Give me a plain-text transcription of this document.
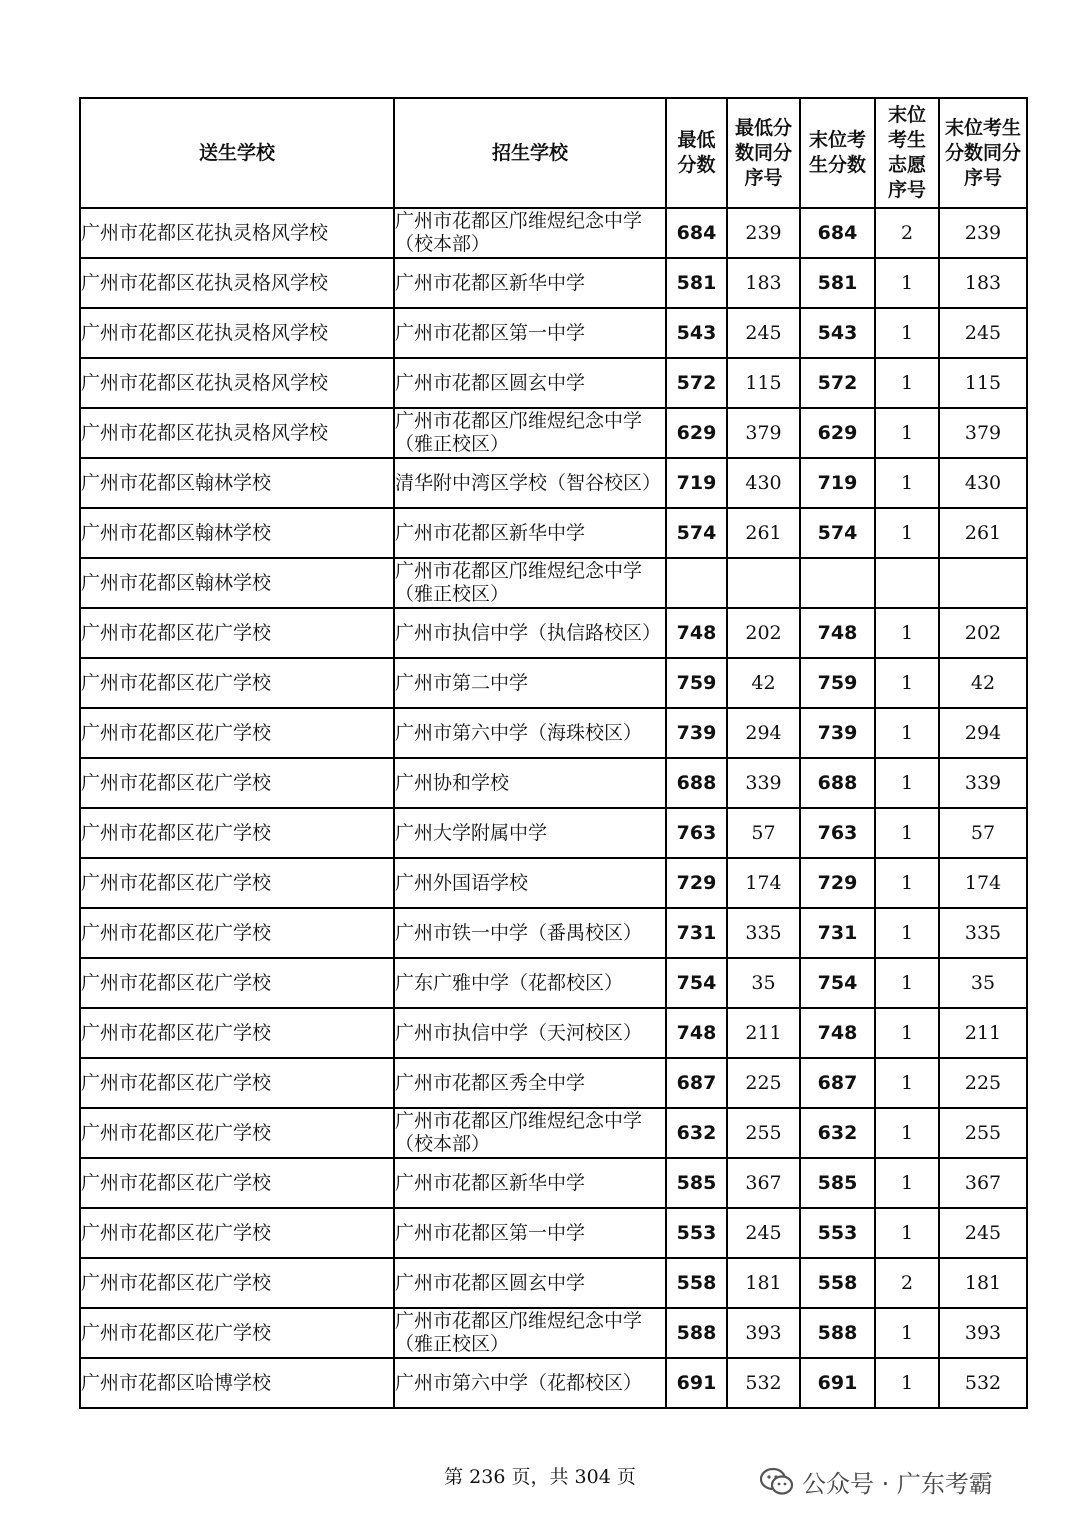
送生学校	招生学校	最低分数	最低分数同分序号	末位考生分数	末位考生志愿序号	末位考生分数同分序号
广州市花都区花执灵格风学校	广州市花都区邝维煜纪念中学（校本部）	684	239	684	2	239
广州市花都区花执灵格风学校	广州市花都区新华中学	581	183	581	1	183
广州市花都区花执灵格风学校	广州市花都区第一中学	543	245	543	1	245
广州市花都区花执灵格风学校	广州市花都区圆玄中学	572	115	572	1	115
广州市花都区花执灵格风学校	广州市花都区邝维煜纪念中学（雅正校区）	629	379	629	1	379
广州市花都区翰林学校	清华附中湾区学校（智谷校区）	719	430	719	1	430
广州市花都区翰林学校	广州市花都区新华中学	574	261	574	1	261
广州市花都区翰林学校	广州市花都区邝维煜纪念中学（雅正校区）					
广州市花都区花广学校	广州市执信中学（执信路校区）	748	202	748	1	202
广州市花都区花广学校	广州市第二中学	759	42	759	1	42
广州市花都区花广学校	广州市第六中学（海珠校区）	739	294	739	1	294
广州市花都区花广学校	广州协和学校	688	339	688	1	339
广州市花都区花广学校	广州大学附属中学	763	57	763	1	57
广州市花都区花广学校	广州外国语学校	729	174	729	1	174
广州市花都区花广学校	广州市铁一中学（番禺校区）	731	335	731	1	335
广州市花都区花广学校	广东广雅中学（花都校区）	754	35	754	1	35
广州市花都区花广学校	广州市执信中学（天河校区）	748	211	748	1	211
广州市花都区花广学校	广州市花都区秀全中学	687	225	687	1	225
广州市花都区花广学校	广州市花都区邝维煜纪念中学（校本部）	632	255	632	1	255
广州市花都区花广学校	广州市花都区新华中学	585	367	585	1	367
广州市花都区花广学校	广州市花都区第一中学	553	245	553	1	245
广州市花都区花广学校	广州市花都区圆玄中学	558	181	558	2	181
广州市花都区花广学校	广州市花都区邝维煜纪念中学（雅正校区）	588	393	588	1	393
广州市花都区哈博学校	广州市第六中学（花都校区）	691	532	691	1	532
第 236 页，共 304 页	公众号 · 广东考霸
